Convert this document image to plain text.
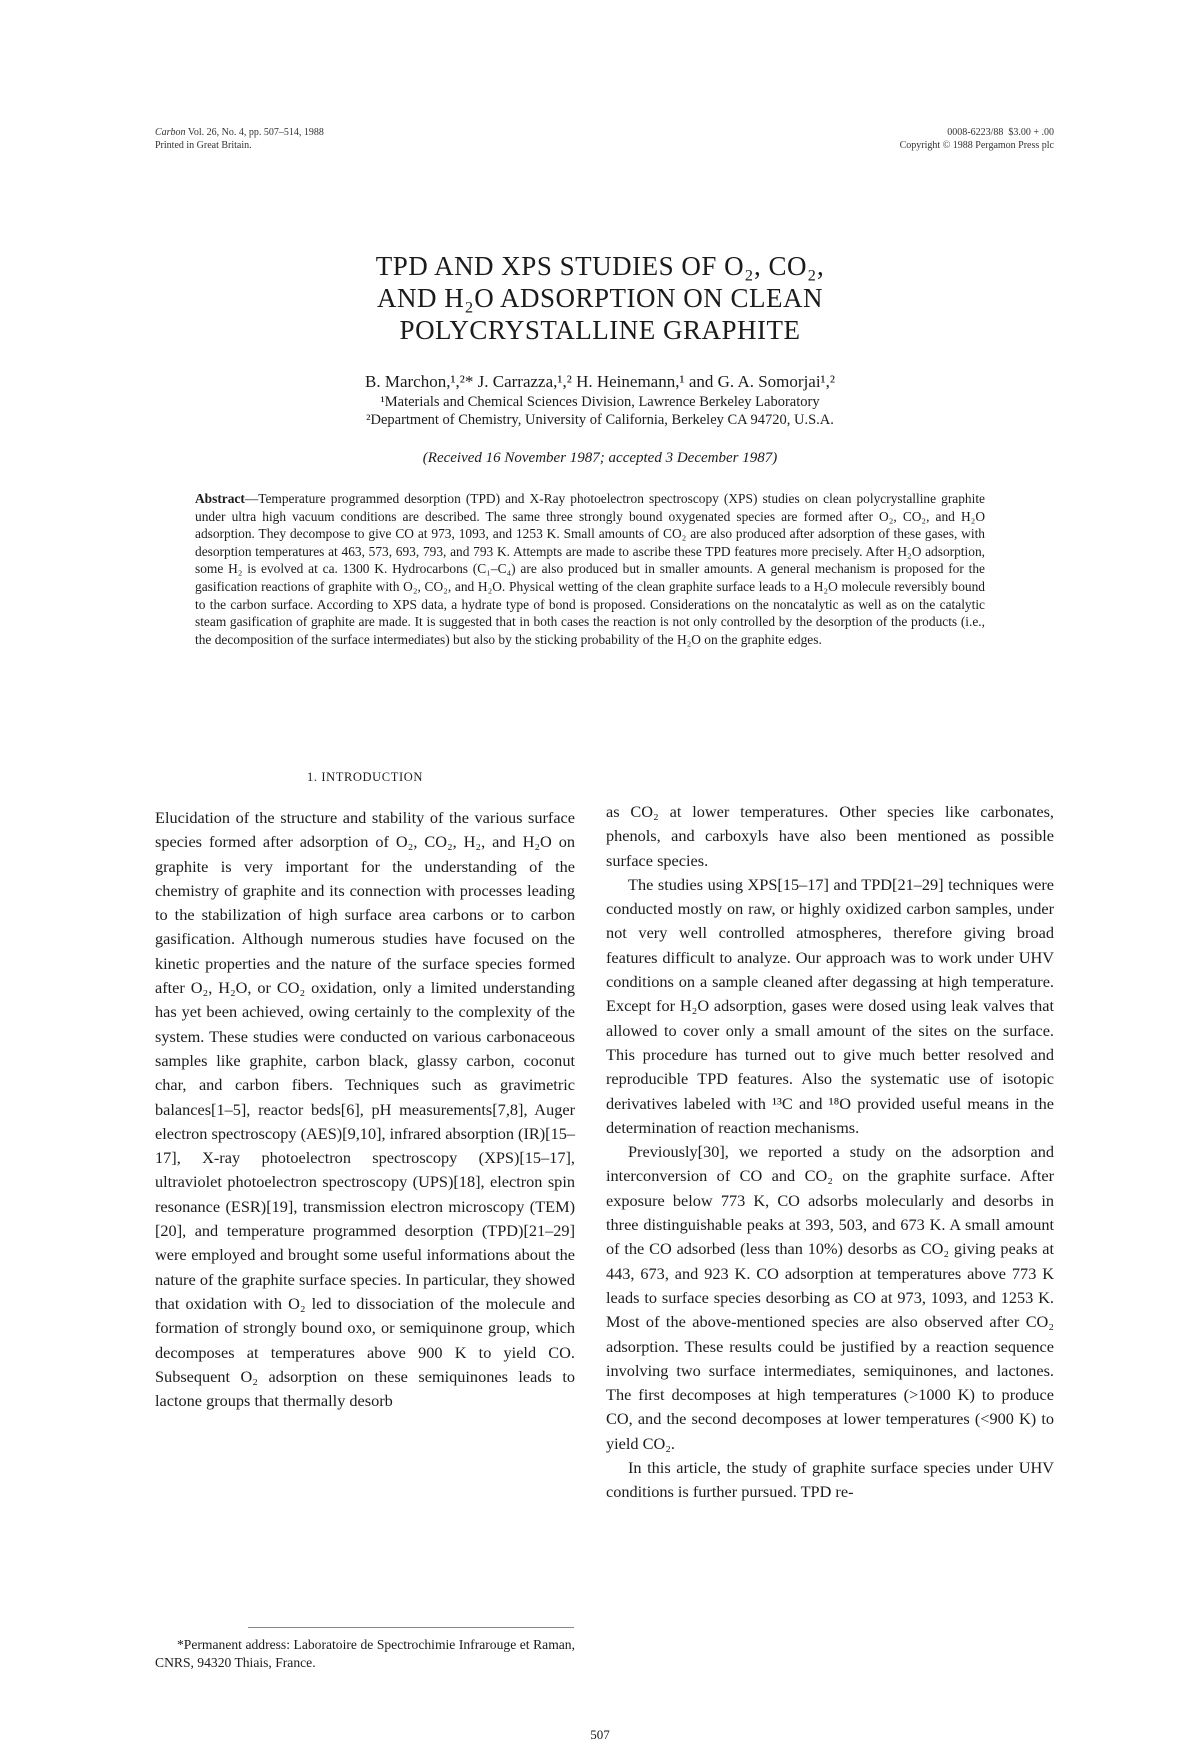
Carbon Vol. 26, No. 4, pp. 507–514, 1988
Printed in Great Britain.
0008-6223/88  $3.00 + .00
Copyright © 1988 Pergamon Press plc
TPD AND XPS STUDIES OF O₂, CO₂,
AND H₂O ADSORPTION ON CLEAN
POLYCRYSTALLINE GRAPHITE
B. Marchon,¹,²* J. Carrazza,¹,² H. Heinemann,¹ and G. A. Somorjai¹,²
¹Materials and Chemical Sciences Division, Lawrence Berkeley Laboratory
²Department of Chemistry, University of California, Berkeley CA 94720, U.S.A.
(Received 16 November 1987; accepted 3 December 1987)
Abstract—Temperature programmed desorption (TPD) and X-Ray photoelectron spectroscopy (XPS) studies on clean polycrystalline graphite under ultra high vacuum conditions are described. The same three strongly bound oxygenated species are formed after O₂, CO₂, and H₂O adsorption. They decompose to give CO at 973, 1093, and 1253 K. Small amounts of CO₂ are also produced after adsorption of these gases, with desorption temperatures at 463, 573, 693, 793, and 793 K. Attempts are made to ascribe these TPD features more precisely. After H₂O adsorption, some H₂ is evolved at ca. 1300 K. Hydrocarbons (C₁–C₄) are also produced but in smaller amounts. A general mechanism is proposed for the gasification reactions of graphite with O₂, CO₂, and H₂O. Physical wetting of the clean graphite surface leads to a H₂O molecule reversibly bound to the carbon surface. According to XPS data, a hydrate type of bond is proposed. Considerations on the noncatalytic as well as on the catalytic steam gasification of graphite are made. It is suggested that in both cases the reaction is not only controlled by the desorption of the products (i.e., the decomposition of the surface intermediates) but also by the sticking probability of the H₂O on the graphite edges.
1. INTRODUCTION

Elucidation of the structure and stability of the various surface species formed after adsorption of O₂, CO₂, H₂, and H₂O on graphite is very important for the understanding of the chemistry of graphite and its connection with processes leading to the stabilization of high surface area carbons or to carbon gasification. Although numerous studies have focused on the kinetic properties and the nature of the surface species formed after O₂, H₂O, or CO₂ oxidation, only a limited understanding has yet been achieved, owing certainly to the complexity of the system. These studies were conducted on various carbonaceous samples like graphite, carbon black, glassy carbon, coconut char, and carbon fibers. Techniques such as gravimetric balances[1–5], reactor beds[6], pH measurements[7,8], Auger electron spectroscopy (AES)[9,10], infrared absorption (IR)[15–17], X-ray photoelectron spectroscopy (XPS)[15–17], ultraviolet photoelectron spectroscopy (UPS)[18], electron spin resonance (ESR)[19], transmission electron microscopy (TEM)[20], and temperature programmed desorption (TPD)[21–29] were employed and brought some useful informations about the nature of the graphite surface species. In particular, they showed that oxidation with O₂ led to dissociation of the molecule and formation of strongly bound oxo, or semiquinone group, which decomposes at temperatures above 900 K to yield CO. Subsequent O₂ adsorption on these semiquinones leads to lactone groups that thermally desorb

as CO₂ at lower temperatures. Other species like carbonates, phenols, and carboxyls have also been mentioned as possible surface species.

The studies using XPS[15–17] and TPD[21–29] techniques were conducted mostly on raw, or highly oxidized carbon samples, under not very well controlled atmospheres, therefore giving broad features difficult to analyze. Our approach was to work under UHV conditions on a sample cleaned after degassing at high temperature. Except for H₂O adsorption, gases were dosed using leak valves that allowed to cover only a small amount of the sites on the surface. This procedure has turned out to give much better resolved and reproducible TPD features. Also the systematic use of isotopic derivatives labeled with ¹³C and ¹⁸O provided useful means in the determination of reaction mechanisms.

Previously[30], we reported a study on the adsorption and interconversion of CO and CO₂ on the graphite surface. After exposure below 773 K, CO adsorbs molecularly and desorbs in three distinguishable peaks at 393, 503, and 673 K. A small amount of the CO adsorbed (less than 10%) desorbs as CO₂ giving peaks at 443, 673, and 923 K. CO adsorption at temperatures above 773 K leads to surface species desorbing as CO at 973, 1093, and 1253 K. Most of the above-mentioned species are also observed after CO₂ adsorption. These results could be justified by a reaction sequence involving two surface intermediates, semiquinones, and lactones. The first decomposes at high temperatures (>1000 K) to produce CO, and the second decomposes at lower temperatures (<900 K) to yield CO₂.

In this article, the study of graphite surface species under UHV conditions is further pursued. TPD re-

*Permanent address: Laboratoire de Spectrochimie Infrarouge et Raman, CNRS, 94320 Thiais, France.
507
